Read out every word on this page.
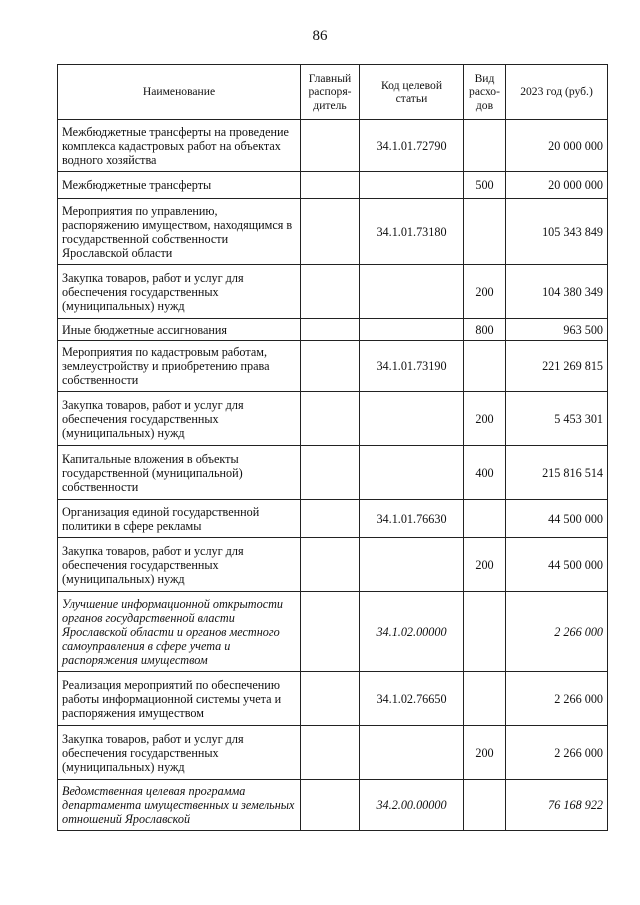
86
Наименование	Главный распоря-дитель	Код целевой статьи	Вид расхо-дов	2023 год (руб.)
Межбюджетные трансферты на проведение комплекса кадастровых работ на объектах водного хозяйства		34.1.01.72790		20 000 000
Межбюджетные трансферты			500	20 000 000
Мероприятия по управлению, распоряжению имуществом, находящимся в государственной собственности Ярославской области		34.1.01.73180		105 343 849
Закупка товаров, работ и услуг для обеспечения государственных (муниципальных) нужд			200	104 380 349
Иные бюджетные ассигнования			800	963 500
Мероприятия по кадастровым работам, землеустройству и приобретению права собственности		34.1.01.73190		221 269 815
Закупка товаров, работ и услуг для обеспечения государственных (муниципальных) нужд			200	5 453 301
Капитальные вложения в объекты государственной (муниципальной) собственности			400	215 816 514
Организация единой государственной политики в сфере рекламы		34.1.01.76630		44 500 000
Закупка товаров, работ и услуг для обеспечения государственных (муниципальных) нужд			200	44 500 000
Улучшение информационной открытости органов государственной власти Ярославской области и органов местного самоуправления в сфере учета и распоряжения имуществом		34.1.02.00000		2 266 000
Реализация мероприятий по обеспечению работы информационной системы учета и распоряжения имуществом		34.1.02.76650		2 266 000
Закупка товаров, работ и услуг для обеспечения государственных (муниципальных) нужд			200	2 266 000
Ведомственная целевая программа департамента имущественных и земельных отношений Ярославской		34.2.00.00000		76 168 922
